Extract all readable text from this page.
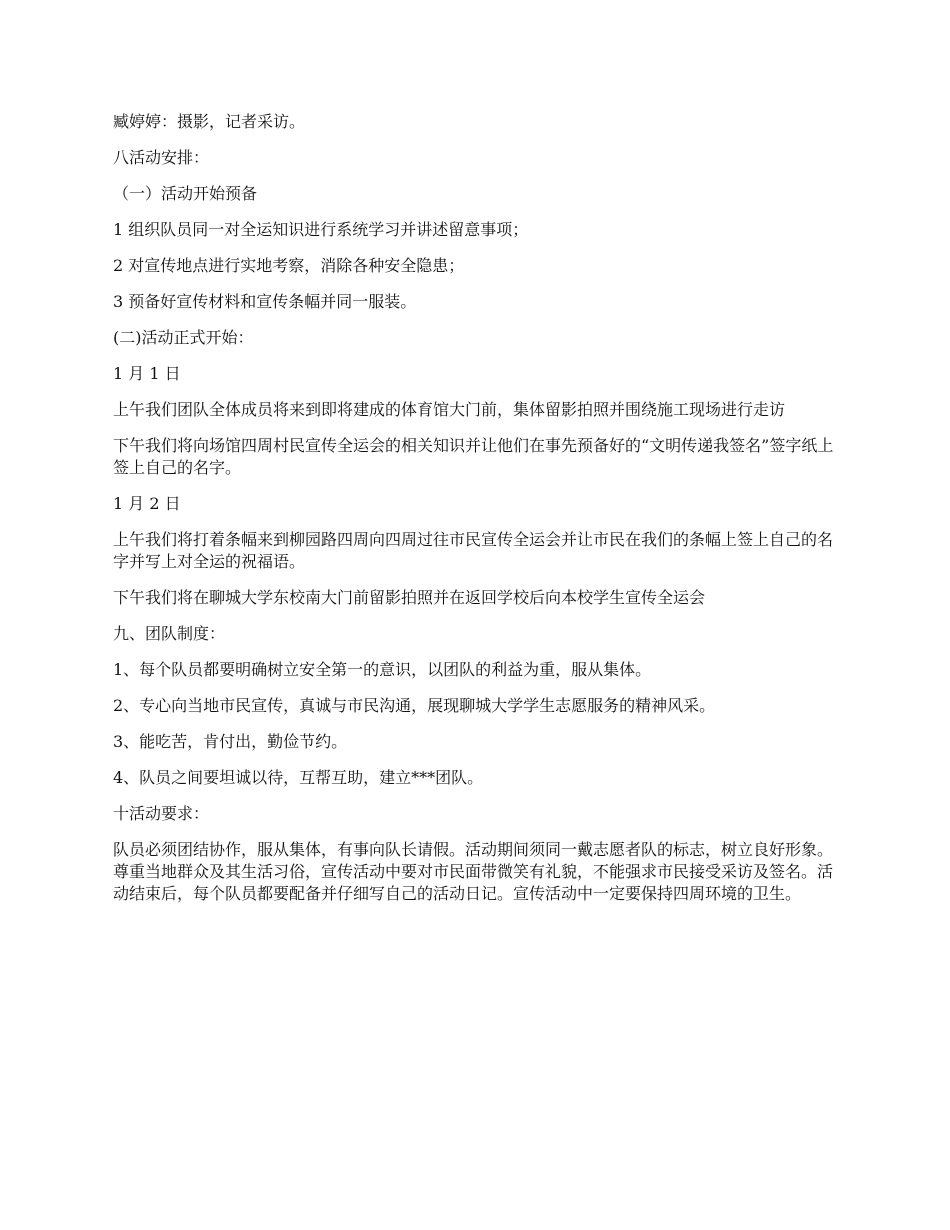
臧婷婷：摄影，记者采访。

八活动安排：

（一）活动开始预备

1 组织队员同一对全运知识进行系统学习并讲述留意事项；

2 对宣传地点进行实地考察，消除各种安全隐患；

3 预备好宣传材料和宣传条幅并同一服装。

(二)活动正式开始：

1 月 1 日

上午我们团队全体成员将来到即将建成的体育馆大门前，集体留影拍照并围绕施工现场进行走访

下午我们将向场馆四周村民宣传全运会的相关知识并让他们在事先预备好的“文明传递我签名”签字纸上签上自己的名字。

1 月 2 日

上午我们将打着条幅来到柳园路四周向四周过往市民宣传全运会并让市民在我们的条幅上签上自己的名字并写上对全运的祝福语。

下午我们将在聊城大学东校南大门前留影拍照并在返回学校后向本校学生宣传全运会

九、团队制度：

1、每个队员都要明确树立安全第一的意识，以团队的利益为重，服从集体。

2、专心向当地市民宣传，真诚与市民沟通，展现聊城大学学生志愿服务的精神风采。

3、能吃苦，肯付出，勤俭节约。

4、队员之间要坦诚以待，互帮互助，建立***团队。

十活动要求：

队员必须团结协作，服从集体，有事向队长请假。活动期间须同一戴志愿者队的标志，树立良好形象。尊重当地群众及其生活习俗，宣传活动中要对市民面带微笑有礼貌，不能强求市民接受采访及签名。活动结束后，每个队员都要配备并仔细写自己的活动日记。宣传活动中一定要保持四周环境的卫生。
